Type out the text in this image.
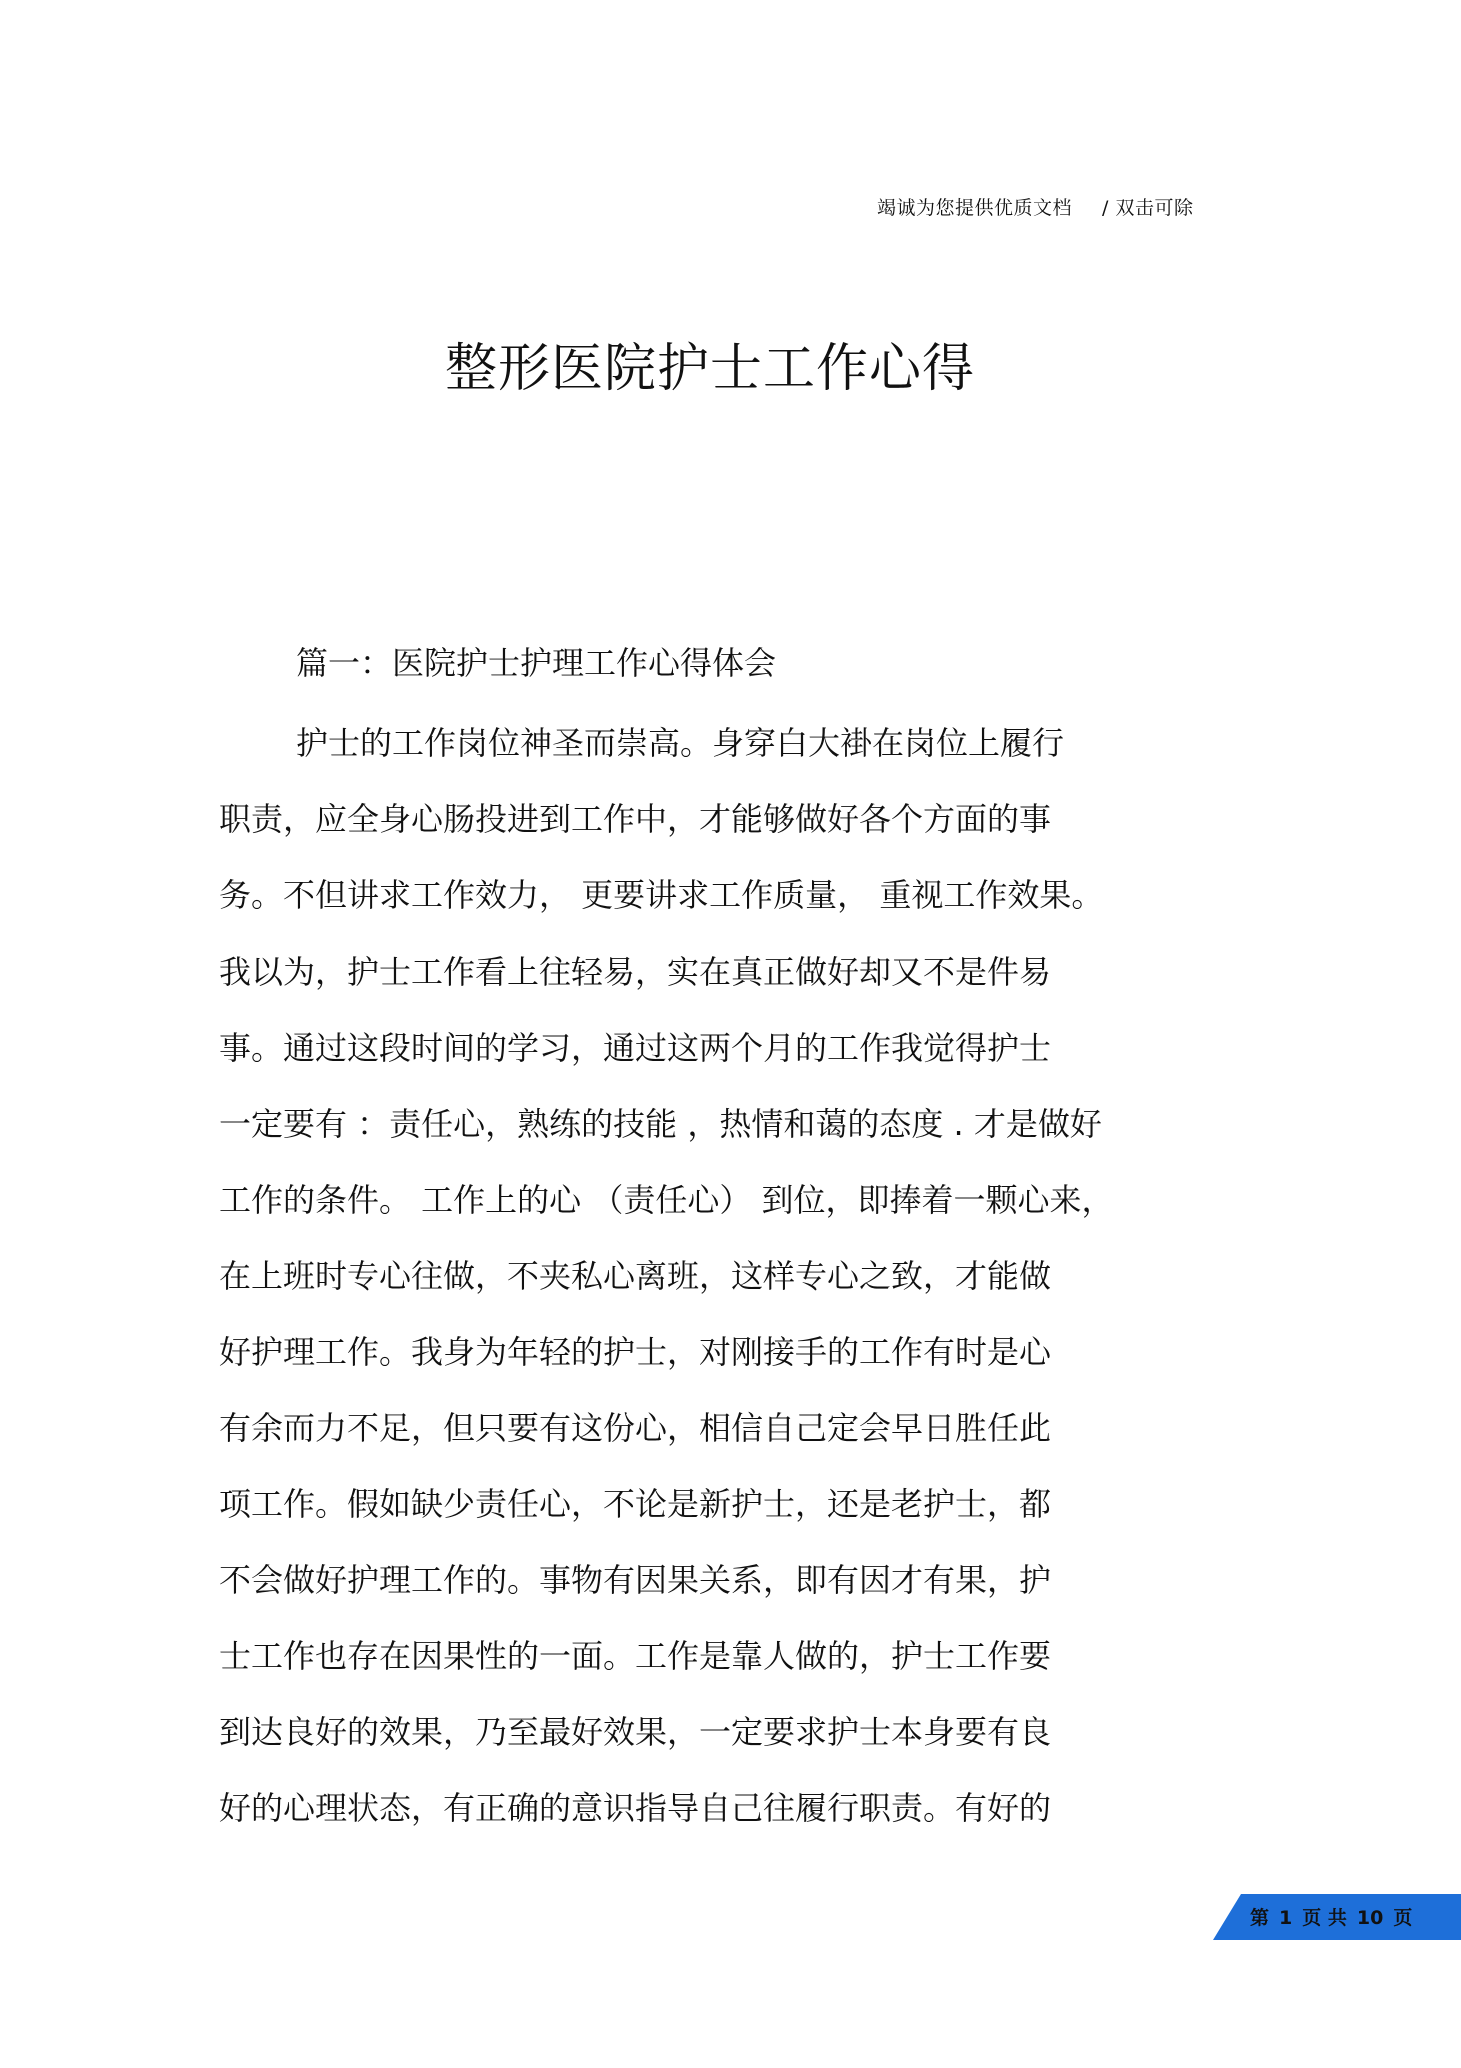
竭诚为您提供优质文档 / 双击可除
整形医院护士工作心得
篇一：医院护士护理工作心得体会
护士的工作岗位神圣而崇高。身穿白大褂在岗位上履行
职责，应全身心肠投进到工作中，才能够做好各个方面的事
务。不但讲求工作效力， 更要讲求工作质量， 重视工作效果。
我以为，护士工作看上往轻易，实在真正做好却又不是件易
事。通过这段时间的学习，通过这两个月的工作我觉得护士
一定要有 ：责任心，熟练的技能 ，热情和蔼的态度 . 才是做好
工作的条件。 工作上的心 （责任心） 到位，即捧着一颗心来，
在上班时专心往做，不夹私心离班，这样专心之致，才能做
好护理工作。我身为年轻的护士，对刚接手的工作有时是心
有余而力不足，但只要有这份心，相信自己定会早日胜任此
项工作。假如缺少责任心，不论是新护士，还是老护士，都
不会做好护理工作的。事物有因果关系，即有因才有果，护
士工作也存在因果性的一面。工作是靠人做的，护士工作要
到达良好的效果，乃至最好效果，一定要求护士本身要有良
好的心理状态，有正确的意识指导自己往履行职责。有好的
第 1 页 共 10 页
